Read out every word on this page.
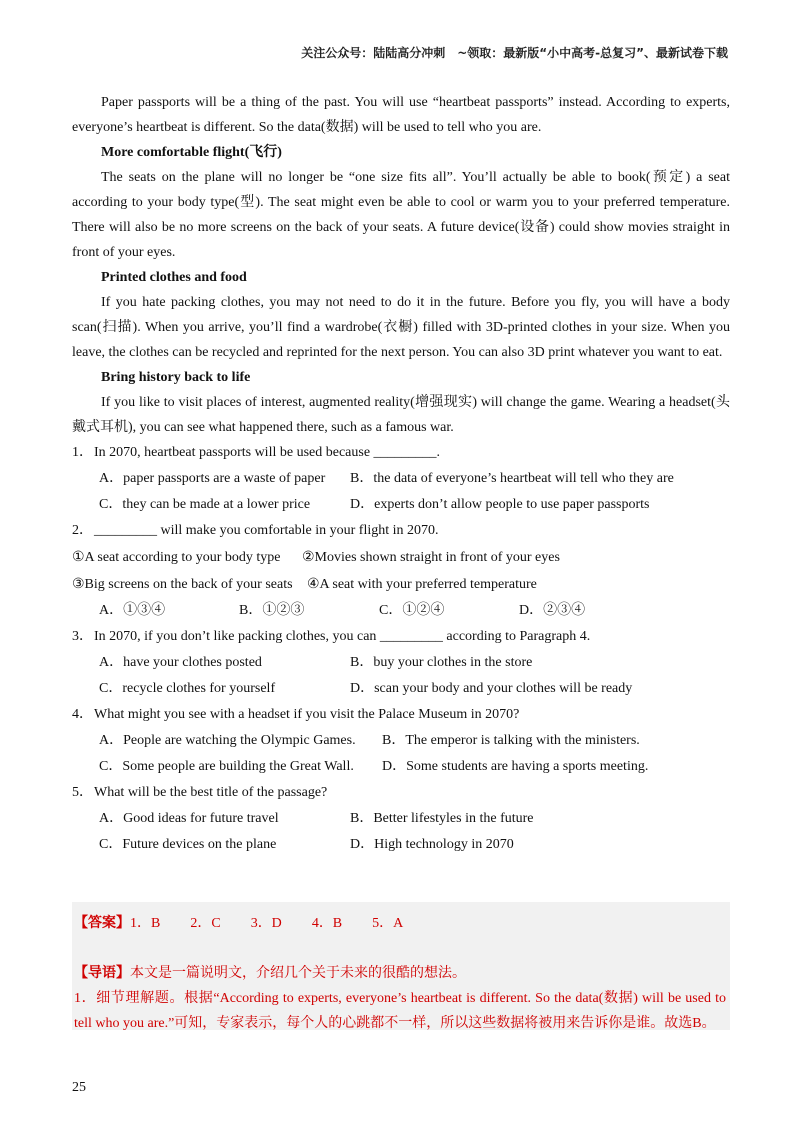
关注公众号：陆陆高分冲刺　~领取：最新版“小中高考-总复习”、最新试卷下载

Paper passports will be a thing of the past. You will use “heartbeat passports” instead. According to experts, everyone’s heartbeat is different. So the data(数据) will be used to tell who you are.

More comfortable flight(飞行)

The seats on the plane will no longer be “one size fits all”. You’ll actually be able to book(预定) a seat according to your body type(型). The seat might even be able to cool or warm you to your preferred temperature. There will also be no more screens on the back of your seats. A future device(设备) could show movies straight in front of your eyes.

Printed clothes and food

If you hate packing clothes, you may not need to do it in the future. Before you fly, you will have a body scan(扫描). When you arrive, you’ll find a wardrobe(衣橱) filled with 3D-printed clothes in your size. When you leave, the clothes can be recycled and reprinted for the next person. You can also 3D print whatever you want to eat.

Bring history back to life

If you like to visit places of interest, augmented reality(增强现实) will change the game. Wearing a headset(头戴式耳机), you can see what happened there, such as a famous war.

1．In 2070, heartbeat passports will be used because _________.

A．paper passports are a waste of paper B．the data of everyone’s heartbeat will tell who they are

C．they can be made at a lower price	D．experts don’t allow people to use paper passports

2．_________ will make you comfortable in your flight in 2070.

①A seat according to your body type ②Movies shown straight in front of your eyes

③Big screens on the back of your seats ④A seat with your preferred temperature

A．①③④	B．①②③	C．①②④	D．②③④

3．In 2070, if you don’t like packing clothes, you can _________ according to Paragraph 4.

A．have your clothes posted	B．buy your clothes in the store

C．recycle clothes for yourself	D．scan your body and your clothes will be ready

4．What might you see with a headset if you visit the Palace Museum in 2070?

A．People are watching the Olympic Games. B．The emperor is talking with the ministers.

C．Some people are building the Great Wall. D．Some students are having a sports meeting.

5．What will be the best title of the passage?

A．Good ideas for future travel	B．Better lifestyles in the future

C．Future devices on the plane	D．High technology in 2070

【答案】1．B 2．C 3．D 4．B 5．A

【导语】本文是一篇说明文，介绍几个关于未来的很酷的想法。

1．细节理解题。根据“According to experts, everyone’s heartbeat is different. So the data(数据) will be used to tell who you are.”可知，专家表示，每个人的心跳都不一样，所以这些数据将被用来告诉你是谁。故选B。

25
